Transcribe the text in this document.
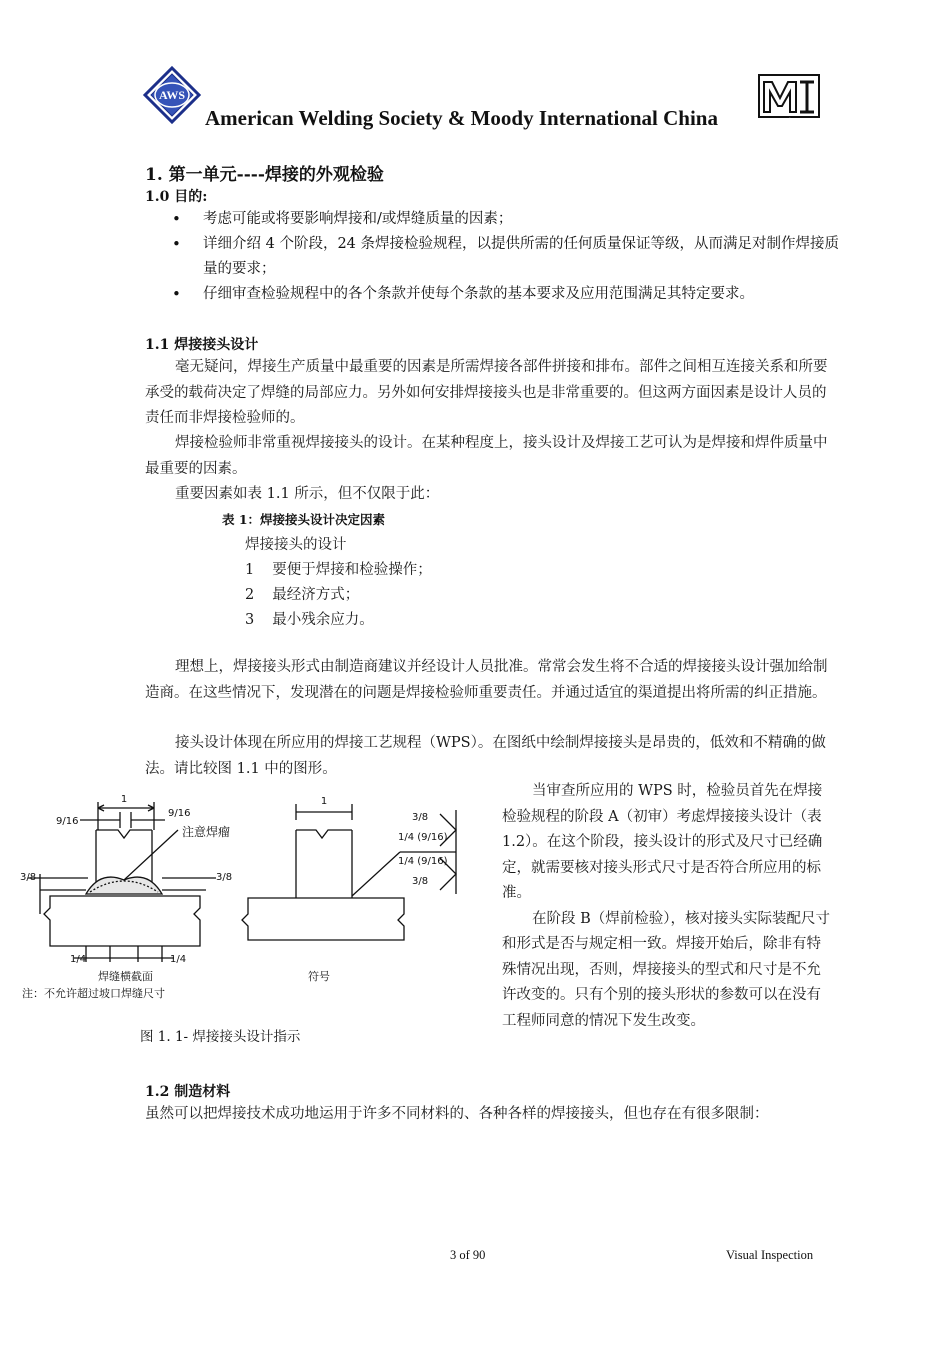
AWS
American Welding Society & Moody International China	MI
1. 第一单元----焊接的外观检验
1.0 目的:
• 考虑可能或将要影响焊接和/或焊缝质量的因素；
• 详细介绍 4 个阶段，24 条焊接检验规程，以提供所需的任何质量保证等级，从而满足对制作焊接质量的要求；
• 仔细审查检验规程中的各个条款并使每个条款的基本要求及应用范围满足其特定要求。
1.1 焊接接头设计
毫无疑问，焊接生产质量中最重要的因素是所需焊接各部件拼接和排布。部件之间相互连接关系和所要承受的载荷决定了焊缝的局部应力。另外如何安排焊接接头也是非常重要的。但这两方面因素是设计人员的责任而非焊接检验师的。
焊接检验师非常重视焊接接头的设计。在某种程度上，接头设计及焊接工艺可认为是焊接和焊件质量中最重要的因素。
重要因素如表 1.1 所示，但不仅限于此：
表 1：焊接接头设计决定因素
焊接接头的设计
1 要便于焊接和检验操作；
2 最经济方式；
3 最小残余应力。
理想上，焊接接头形式由制造商建议并经设计人员批准。常常会发生将不合适的焊接接头设计强加给制造商。在这些情况下，发现潜在的问题是焊接检验师重要责任。并通过适宜的渠道提出将所需的纠正措施。
接头设计体现在所应用的焊接工艺规程（WPS）。在图纸中绘制焊接接头是昂贵的，低效和不精确的做法。请比较图 1.1 中的图形。
1
9/16
9/16
3/8	3/8
1/4	1/4
注意焊瘤
焊缝横截面
注：不允许超过坡口焊缝尺寸
1
3/8
1/4 (9/16)
1/4 (9/16)
3/8
符号
图 1. 1- 焊接接头设计指示
当审查所应用的 WPS 时，检验员首先在焊接检验规程的阶段 A（初审）考虑焊接接头设计（表 1.2）。在这个阶段，接头设计的形式及尺寸已经确定，就需要核对接头形式尺寸是否符合所应用的标准。
在阶段 B（焊前检验），核对接头实际装配尺寸和形式是否与规定相一致。焊接开始后，除非有特殊情况出现，否则，焊接接头的型式和尺寸是不允许改变的。只有个别的接头形状的参数可以在没有工程师同意的情况下发生改变。
1.2 制造材料
虽然可以把焊接技术成功地运用于许多不同材料的、各种各样的焊接接头，但也存在有很多限制：
3 of 90	Visual Inspection
